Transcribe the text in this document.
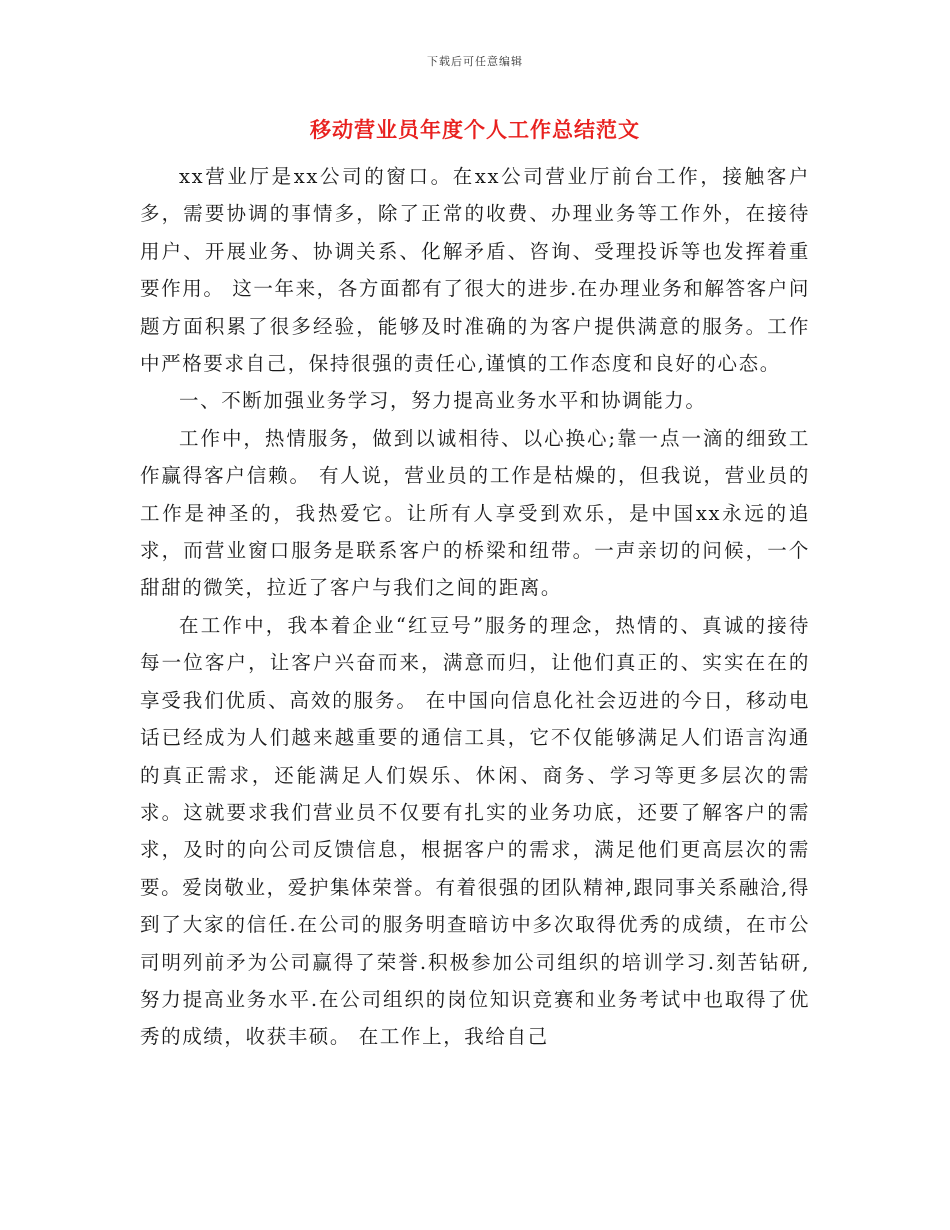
下载后可任意编辑
移动营业员年度个人工作总结范文

xx营业厅是xx公司的窗口。在xx公司营业厅前台工作，接触客户多，需要协调的事情多，除了正常的收费、办理业务等工作外，在接待用户、开展业务、协调关系、化解矛盾、咨询、受理投诉等也发挥着重要作用。 这一年来，各方面都有了很大的进步.在办理业务和解答客户问题方面积累了很多经验，能够及时准确的为客户提供满意的服务。工作中严格要求自己，保持很强的责任心,谨慎的工作态度和良好的心态。

一、不断加强业务学习，努力提高业务水平和协调能力。

工作中，热情服务，做到以诚相待、以心换心;靠一点一滴的细致工作赢得客户信赖。 有人说，营业员的工作是枯燥的，但我说，营业员的工作是神圣的，我热爱它。让所有人享受到欢乐，是中国xx永远的追求，而营业窗口服务是联系客户的桥梁和纽带。一声亲切的问候，一个甜甜的微笑，拉近了客户与我们之间的距离。

在工作中，我本着企业“红豆号”服务的理念，热情的、真诚的接待每一位客户，让客户兴奋而来，满意而归，让他们真正的、实实在在的享受我们优质、高效的服务。 在中国向信息化社会迈进的今日，移动电话已经成为人们越来越重要的通信工具，它不仅能够满足人们语言沟通的真正需求，还能满足人们娱乐、休闲、商务、学习等更多层次的需求。这就要求我们营业员不仅要有扎实的业务功底，还要了解客户的需求，及时的向公司反馈信息，根据客户的需求，满足他们更高层次的需要。爱岗敬业，爱护集体荣誉。有着很强的团队精神,跟同事关系融洽,得到了大家的信任.在公司的服务明查暗访中多次取得优秀的成绩，在市公司明列前矛为公司赢得了荣誉.积极参加公司组织的培训学习.刻苦钻研,努力提高业务水平.在公司组织的岗位知识竞赛和业务考试中也取得了优秀的成绩，收获丰硕。 在工作上，我给自己
